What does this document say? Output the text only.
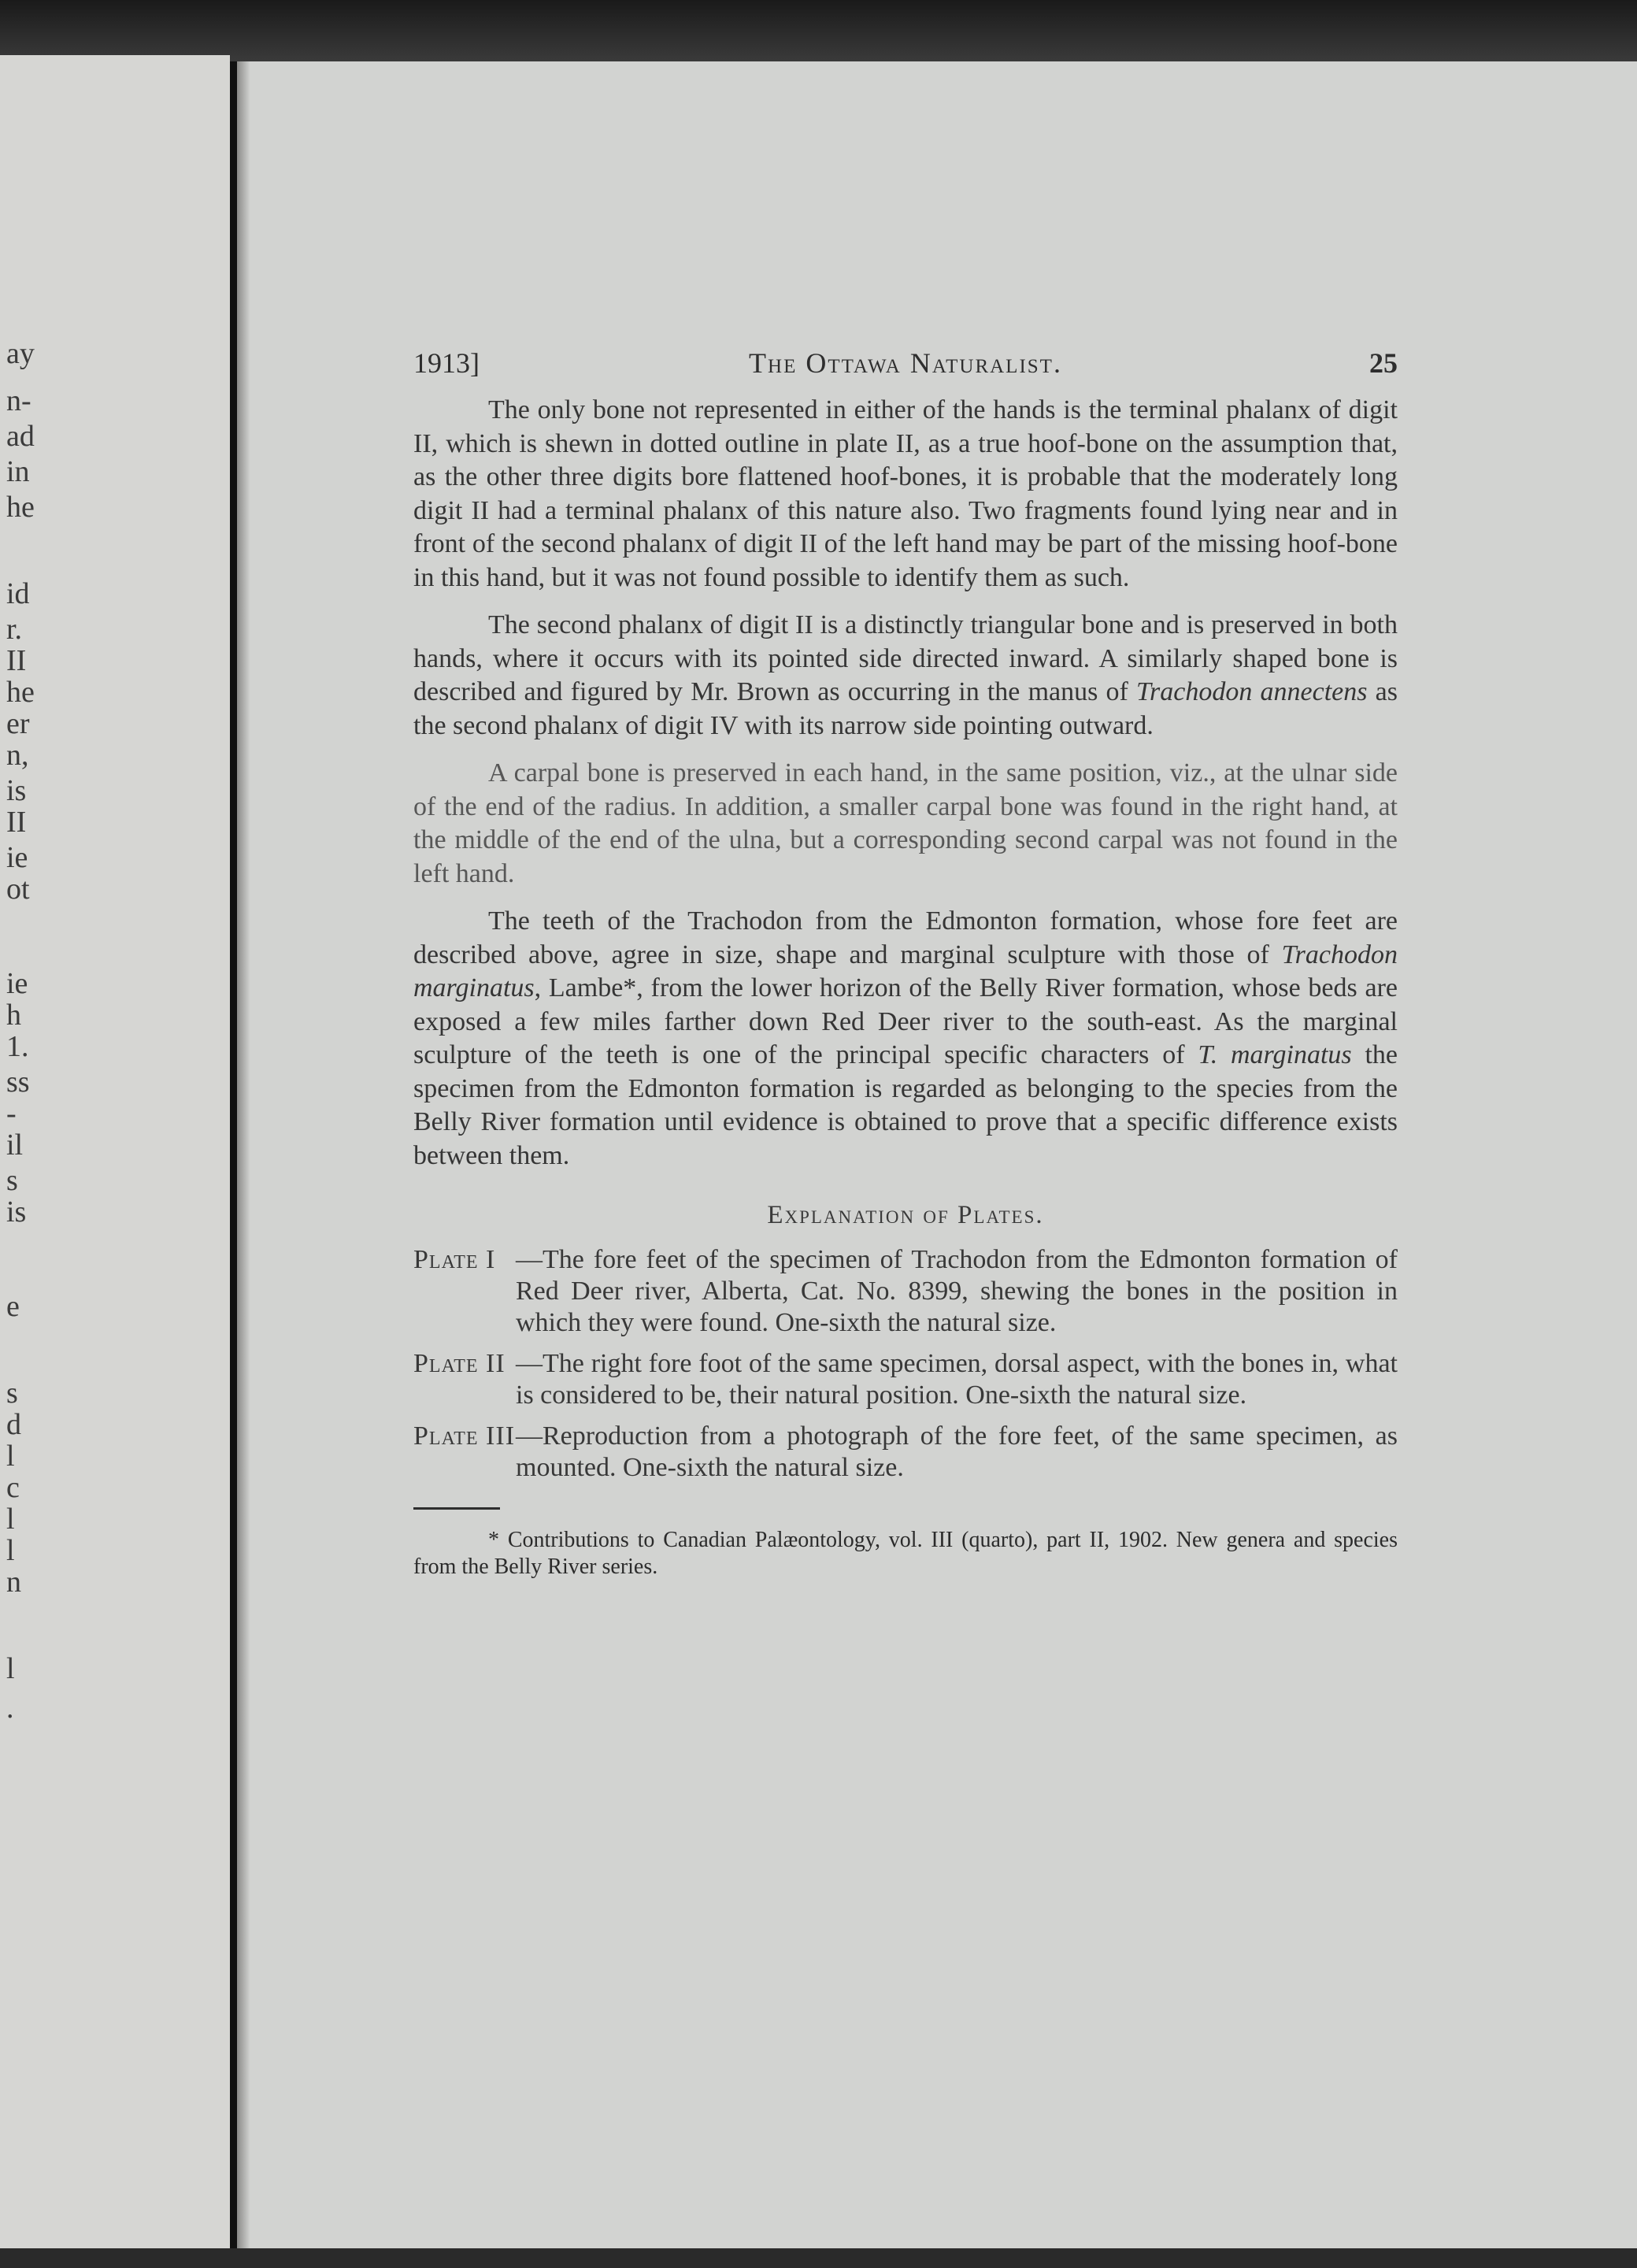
ay
n-
ad
in
he
id
r.
II
he
er
n,
is
II
ie
ot
ie
h
1.
ss
-
il
s
is
e
s
d
l
c
l
l
n
l
.
1913]	The Ottawa Naturalist.	25

The only bone not represented in either of the hands is the terminal phalanx of digit II, which is shewn in dotted outline in plate II, as a true hoof-bone on the assumption that, as the other three digits bore flattened hoof-bones, it is probable that the moderately long digit II had a terminal phalanx of this nature also. Two fragments found lying near and in front of the second phalanx of digit II of the left hand may be part of the missing hoof-bone in this hand, but it was not found possible to identify them as such.

The second phalanx of digit II is a distinctly triangular bone and is preserved in both hands, where it occurs with its pointed side directed inward. A similarly shaped bone is described and figured by Mr. Brown as occurring in the manus of Trachodon annectens as the second phalanx of digit IV with its narrow side pointing outward.

A carpal bone is preserved in each hand, in the same position, viz., at the ulnar side of the end of the radius. In addition, a smaller carpal bone was found in the right hand, at the middle of the end of the ulna, but a corresponding second carpal was not found in the left hand.

The teeth of the Trachodon from the Edmonton formation, whose fore feet are described above, agree in size, shape and marginal sculpture with those of Trachodon marginatus, Lambe*, from the lower horizon of the Belly River formation, whose beds are exposed a few miles farther down Red Deer river to the south-east. As the marginal sculpture of the teeth is one of the principal specific characters of T. marginatus the specimen from the Edmonton formation is regarded as belonging to the species from the Belly River formation until evidence is obtained to prove that a specific difference exists between them.

Explanation of Plates.
Plate I —The fore feet of the specimen of Trachodon from the Edmonton formation of Red Deer river, Alberta, Cat. No. 8399, shewing the bones in the position in which they were found. One-sixth the natural size.
Plate II —The right fore foot of the same specimen, dorsal aspect, with the bones in, what is considered to be, their natural position. One-sixth the natural size.
Plate III —Reproduction from a photograph of the fore feet, of the same specimen, as mounted. One-sixth the natural size.
* Contributions to Canadian Palæontology, vol. III (quarto), part II, 1902. New genera and species from the Belly River series.
